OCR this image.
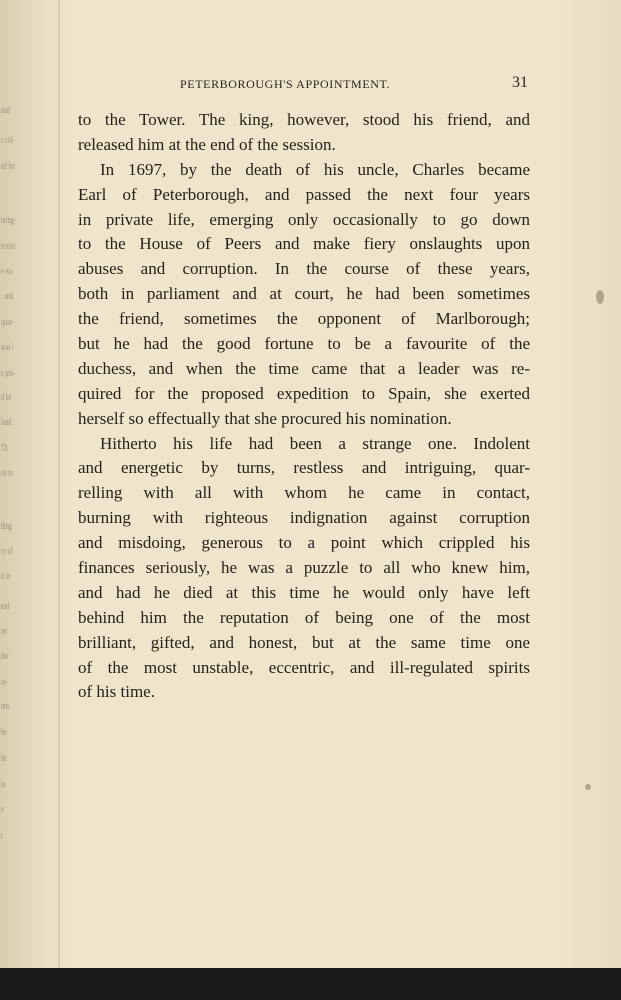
and
s col-
ed for
oring-
ressio
e wa
; and
quar-
was i
e pro-
d he
land.
Th
ed to
ding
ry of
d in
ead
ter
the
ar-
ons
he
he
ie
e
t
PETERBOROUGH'S APPOINTMENT.	31
to the Tower. The king, however, stood his friend, and
released him at the end of the session.
In 1697, by the death of his uncle, Charles became
Earl of Peterborough, and passed the next four years
in private life, emerging only occasionally to go down
to the House of Peers and make fiery onslaughts upon
abuses and corruption. In the course of these years,
both in parliament and at court, he had been sometimes
the friend, sometimes the opponent of Marlborough;
but he had the good fortune to be a favourite of the
duchess, and when the time came that a leader was re-
quired for the proposed expedition to Spain, she exerted
herself so effectually that she procured his nomination.
Hitherto his life had been a strange one. Indolent
and energetic by turns, restless and intriguing, quar-
relling with all with whom he came in contact,
burning with righteous indignation against corruption
and misdoing, generous to a point which crippled his
finances seriously, he was a puzzle to all who knew him,
and had he died at this time he would only have left
behind him the reputation of being one of the most
brilliant, gifted, and honest, but at the same time one
of the most unstable, eccentric, and ill-regulated spirits
of his time.
